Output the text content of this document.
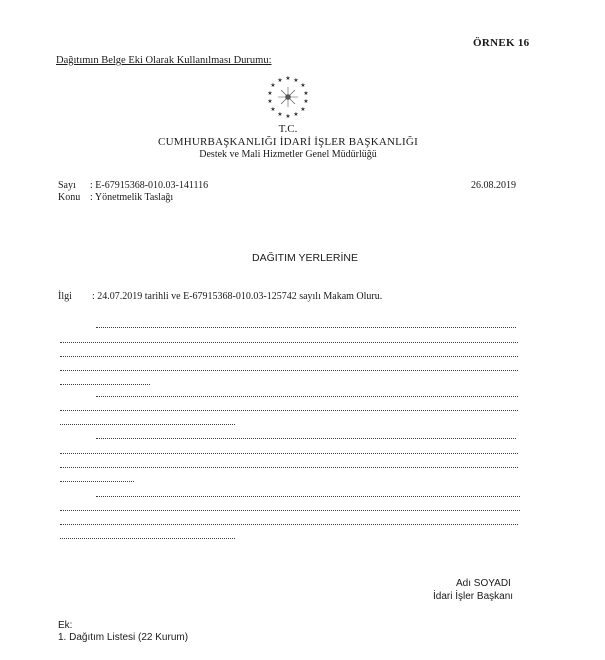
ÖRNEK 16
Dağıtımın Belge Eki Olarak Kullanılması Durumu:
★ ★
★
★
★
★
★
★
★
★
★
★
★ ★
T.C.
CUMHURBAŞKANLIĞI İDARİ İŞLER BAŞKANLIĞI
Destek ve Mali Hizmetler Genel Müdürlüğü
Sayı : E-67915368-010.03-141116
Konu : Yönetmelik Taslağı
26.08.2019
DAĞITIM YERLERİNE
İlgi : 24.07.2019 tarihli ve E-67915368-010.03-125742 sayılı Makam Oluru.
Adı SOYADI
İdari İşler Başkanı
Ek:
1. Dağıtım Listesi (22 Kurum)
